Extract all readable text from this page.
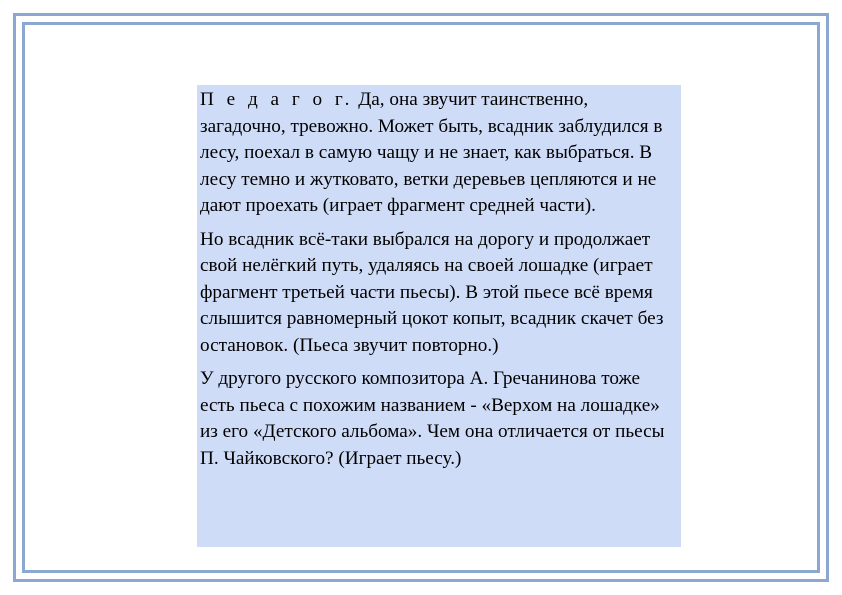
П е д а г о г. Да, она звучит таинственно, загадочно, тревожно. Может быть, всадник заблудился в лесу, поехал в самую чащу и не знает, как выбраться. В лесу темно и жутковато, ветки деревьев цепляются и не дают проехать (играет фрагмент средней части).

Но всадник всё-таки выбрался на дорогу и продолжает свой нелёгкий путь, удаляясь на своей лошадке (играет фрагмент третьей части пьесы). В этой пьесе всё время слышится равномерный цокот копыт, всадник скачет без остановок. (Пьеса звучит повторно.)

У другого русского композитора А. Гречанинова тоже есть пьеса с похожим названием - «Верхом на лошадке» из его «Детского альбома». Чем она отличается от пьесы П. Чайковского? (Играет пьесу.)
